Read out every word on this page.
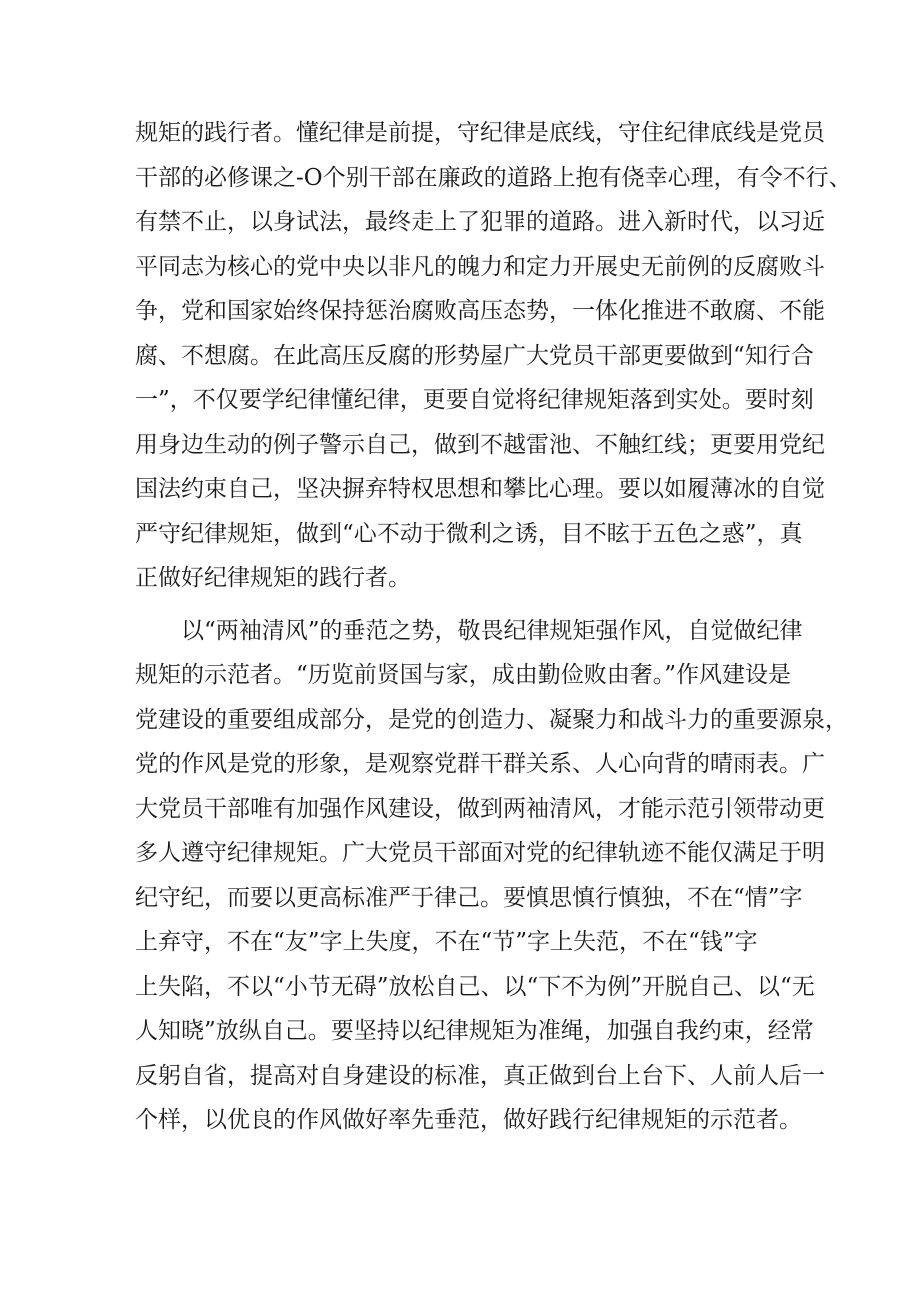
规矩的践行者。懂纪律是前提，守纪律是底线，守住纪律底线是党员
干部的必修课之-O个别干部在廉政的道路上抱有侥幸心理，有令不行、
有禁不止，以身试法，最终走上了犯罪的道路。进入新时代，以习近
平同志为核心的党中央以非凡的魄力和定力开展史无前例的反腐败斗
争，党和国家始终保持惩治腐败高压态势，一体化推进不敢腐、不能
腐、不想腐。在此高压反腐的形势屋广大党员干部更要做到“知行合
一”，不仅要学纪律懂纪律，更要自觉将纪律规矩落到实处。要时刻
用身边生动的例子警示自己，做到不越雷池、不触红线；更要用党纪
国法约束自己，坚决摒弃特权思想和攀比心理。要以如履薄冰的自觉
严守纪律规矩，做到“心不动于微利之诱，目不眩于五色之惑”，真
正做好纪律规矩的践行者。
以“两袖清风”的垂范之势，敬畏纪律规矩强作风，自觉做纪律
规矩的示范者。“历览前贤国与家，成由勤俭败由奢。”作风建设是
党建设的重要组成部分，是党的创造力、凝聚力和战斗力的重要源泉，
党的作风是党的形象，是观察党群干群关系、人心向背的晴雨表。广
大党员干部唯有加强作风建设，做到两袖清风，才能示范引领带动更
多人遵守纪律规矩。广大党员干部面对党的纪律轨迹不能仅满足于明
纪守纪，而要以更高标准严于律己。要慎思慎行慎独，不在“情”字
上弃守，不在“友”字上失度，不在“节”字上失范，不在“钱”字
上失陷，不以“小节无碍”放松自己、以“下不为例”开脱自己、以“无
人知晓”放纵自己。要坚持以纪律规矩为准绳，加强自我约束，经常
反躬自省，提高对自身建设的标准，真正做到台上台下、人前人后一
个样，以优良的作风做好率先垂范，做好践行纪律规矩的示范者。
